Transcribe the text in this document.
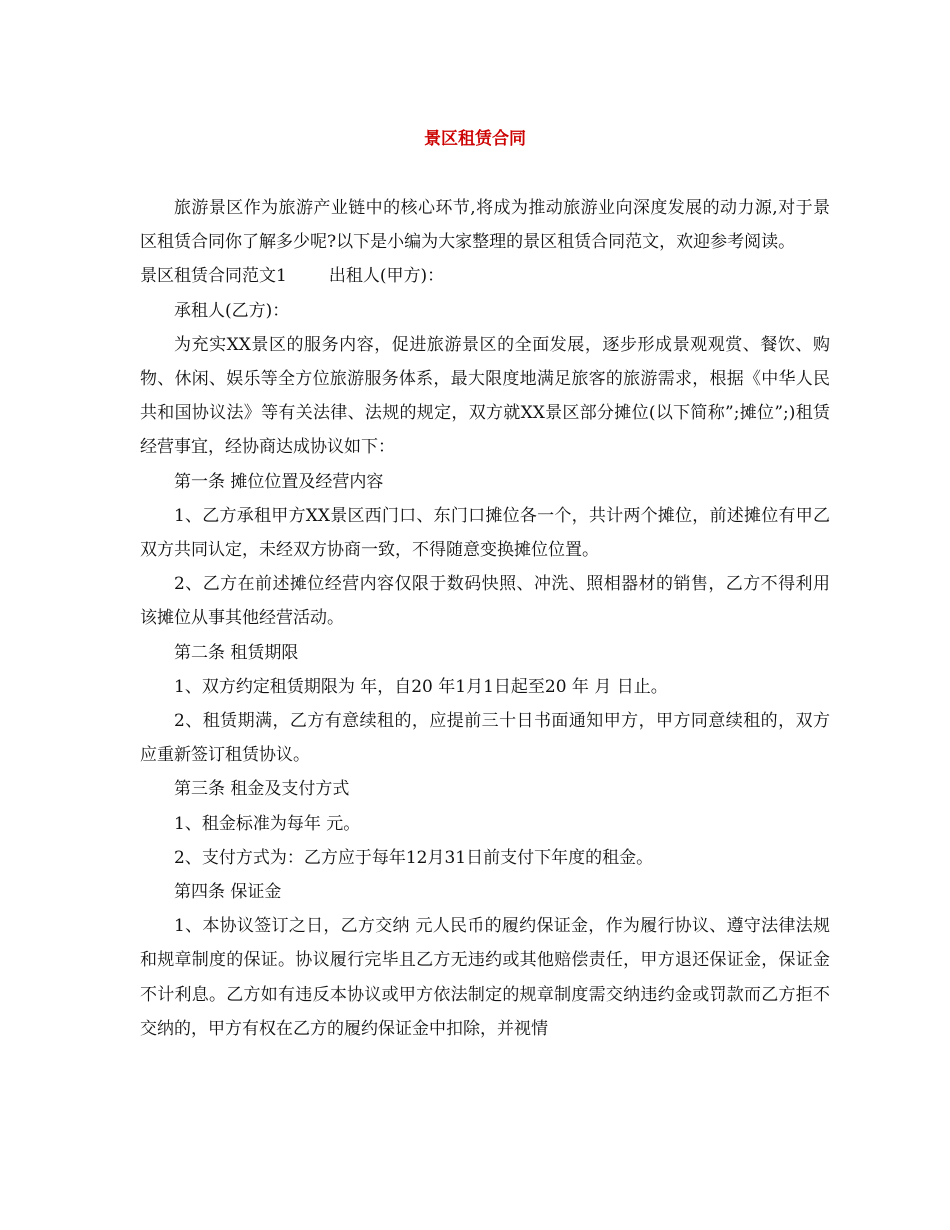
景区租赁合同

旅游景区作为旅游产业链中的核心环节,将成为推动旅游业向深度发展的动力源,对于景区租赁合同你了解多少呢?以下是小编为大家整理的景区租赁合同范文，欢迎参考阅读。

景区租赁合同范文1 出租人(甲方)：

承租人(乙方)：

为充实XX景区的服务内容，促进旅游景区的全面发展，逐步形成景观观赏、餐饮、购物、休闲、娱乐等全方位旅游服务体系，最大限度地满足旅客的旅游需求，根据《中华人民共和国协议法》等有关法律、法规的规定，双方就XX景区部分摊位(以下简称”;摊位”;)租赁经营事宜，经协商达成协议如下：

第一条 摊位位置及经营内容

1、乙方承租甲方XX景区西门口、东门口摊位各一个，共计两个摊位，前述摊位有甲乙双方共同认定，未经双方协商一致，不得随意变换摊位位置。

2、乙方在前述摊位经营内容仅限于数码快照、冲洗、照相器材的销售，乙方不得利用该摊位从事其他经营活动。

第二条 租赁期限

1、双方约定租赁期限为 年，自20 年1月1日起至20 年 月 日止。

2、租赁期满，乙方有意续租的，应提前三十日书面通知甲方，甲方同意续租的，双方应重新签订租赁协议。

第三条 租金及支付方式

1、租金标准为每年 元。

2、支付方式为：乙方应于每年12月31日前支付下年度的租金。

第四条 保证金

1、本协议签订之日，乙方交纳 元人民币的履约保证金，作为履行协议、遵守法律法规和规章制度的保证。协议履行完毕且乙方无违约或其他赔偿责任，甲方退还保证金，保证金不计利息。乙方如有违反本协议或甲方依法制定的规章制度需交纳违约金或罚款而乙方拒不交纳的，甲方有权在乙方的履约保证金中扣除，并视情
